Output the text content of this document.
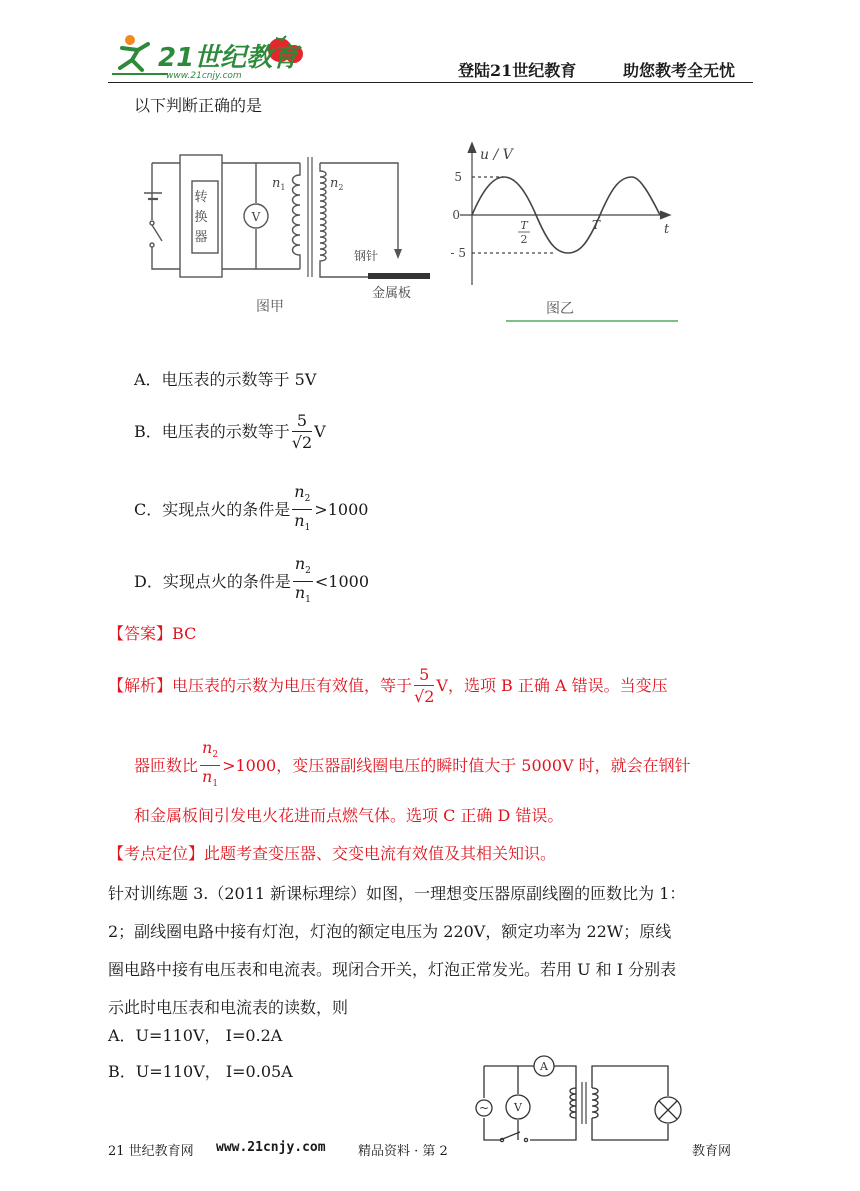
21世纪教育
www.21cnjy.com	登陆21世纪教育	助您教考全无忧
以下判断正确的是
转
换
器
V
$n_1$	$n_2$
钢针
金属板
图甲
u / V
t
5
0
- 5
T
2
T
图乙
A．电压表的示数等于 5V
B．电压表的示数等于 $\frac{5}{√2}$ V
C．实现点火的条件是 $\frac{n_2}{n_1} >1000$
D．实现点火的条件是 $\frac{n_2}{n_1} <1000$
【答案】BC
【解析】电压表的示数为电压有效值，等于 $\frac{5}{√2}$ V，选项 B 正确 A 错误。当变压
器匝数比 $\frac{n_2}{n_1} >1000$，变压器副线圈电压的瞬时值大于 5000V 时，就会在钢针
和金属板间引发电火花进而点燃气体。选项 C 正确 D 错误。
【考点定位】此题考查变压器、交变电流有效值及其相关知识。
针对训练题 3.（2011 新课标理综）如图，一理想变压器原副线圈的匝数比为 1：
2；副线圈电路中接有灯泡，灯泡的额定电压为 220V，额定功率为 22W；原线
圈电路中接有电压表和电流表。现闭合开关，灯泡正常发光。若用 U 和 I 分别表
示此时电压表和电流表的读数，则
A．U=110V， I=0.2A
B．U=110V， I=0.05A	A
V
~
21 世纪教育网 www.21cnjy.com 精品资料 · 第 2	教育网
